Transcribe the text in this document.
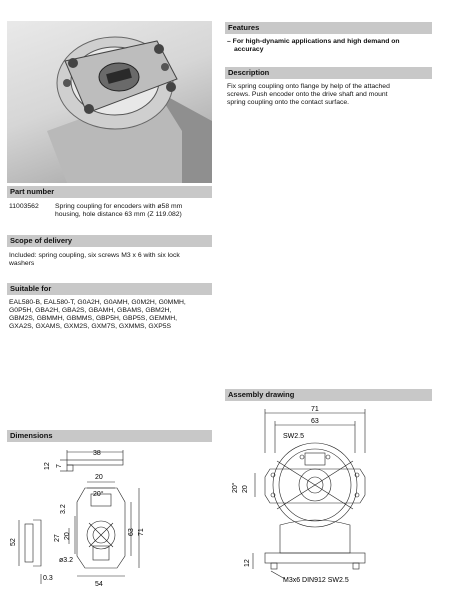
Features
– For high-dynamic applications and high demand on
accuracy
Description
Fix spring coupling onto flange by help of the attached
screws. Push encoder onto the drive shaft and mount
spring coupling onto the contact surface.
Part number
11003562 Spring coupling for encoders with ø58 mm
housing, hole distance 63 mm (Z 119.082)
Scope of delivery
Included: spring coupling, six screws M3 x 6 with six lock
washers
Suitable for
EAL580-B, EAL580-T, G0A2H, G0AMH, G0M2H, G0MMH,
G0P5H, GBA2H, GBA2S, GBAMH, GBAMS, GBM2H,
GBM2S, GBMMH, GBMMS, GBP5H, GBP5S, GEMMH,
GXA2S, GXAMS, GXM2S, GXM7S, GXMMS, GXP5S
Dimensions
Assembly drawing
38
12 7
20
20°
3.2
27 20
63 71
52
ø3.2
0.3
54
71
63
SW2.5
20
20°
12
M3x6 DIN912 SW2.5
